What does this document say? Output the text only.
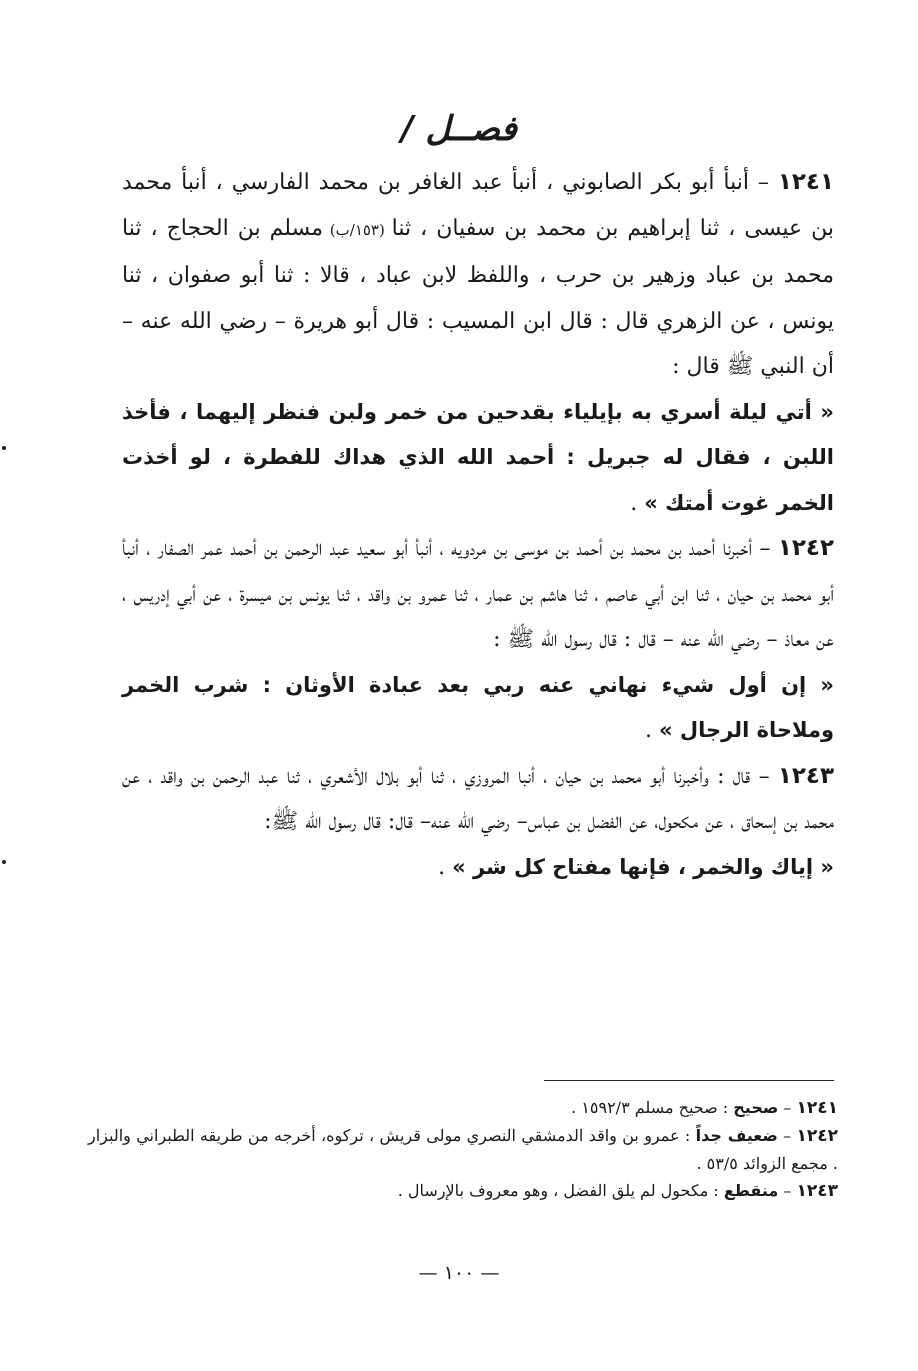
فصــل /

١٢٤١ – أنبأ أبو بكر الصابوني ، أنبأ عبد الغافر بن محمد الفارسي ، أنبأ محمد بن عيسى ، ثنا إبراهيم بن محمد بن سفيان ، ثنا (١٥٣/ب) مسلم بن الحجاج ، ثنا محمد بن عباد وزهير بن حرب ، واللفظ لابن عباد ، قالا : ثنا أبو صفوان ، ثنا يونس ، عن الزهري قال : قال ابن المسيب : قال أبو هريرة – رضي الله عنه – أن النبي ﷺ قال :

« أتي ليلة أسري به بإيلياء بقدحين من خمر ولبن فنظر إليهما ، فأخذ اللبن ، فقال له جبريل : أحمد الله الذي هداك للفطرة ، لو أخذت الخمر غوت أمتك » .

١٢٤٢ – أخبرنا أحمد بن محمد بن أحمد بن موسى بن مردويه ، أنبأ أبو سعيد عبد الرحمن بن أحمد عمر الصفار ، أنبأ أبو محمد بن حيان ، ثنا ابن أبي عاصم ، ثنا هاشم بن عمار ، ثنا عمرو بن واقد ، ثنا يونس بن ميسرة ، عن أبي إدريس ، عن معاذ – رضي الله عنه – قال : قال رسول الله ﷺ :

« إن أول شيء نهاني عنه ربي بعد عبادة الأوثان : شرب الخمر وملاحاة الرجال » .

١٢٤٣ – قال : وأخبرنا أبو محمد بن حيان ، أنبا المروزي ، ثنا أبو بلال الأشعري ، ثنا عبد الرحمن بن واقد ، عن محمد بن إسحاق ، عن مكحول، عن الفضل بن عباس– رضي الله عنه– قال: قال رسول الله ﷺ:

« إياك والخمر ، فإنها مفتاح كل شر » .

١٢٤١ – صحيح : صحيح مسلم ١٥٩٢/٣ .

١٢٤٢ – ضعيف جداً : عمرو بن واقد الدمشقي النصري مولى قريش ، تركوه، أخرجه من طريقه الطبراني والبزار . مجمع الزوائد ٥٣/٥ .

١٢٤٣ – منقطع : مكحول لم يلق الفضل ، وهو معروف بالإرسال .

— ١٠٠ —
